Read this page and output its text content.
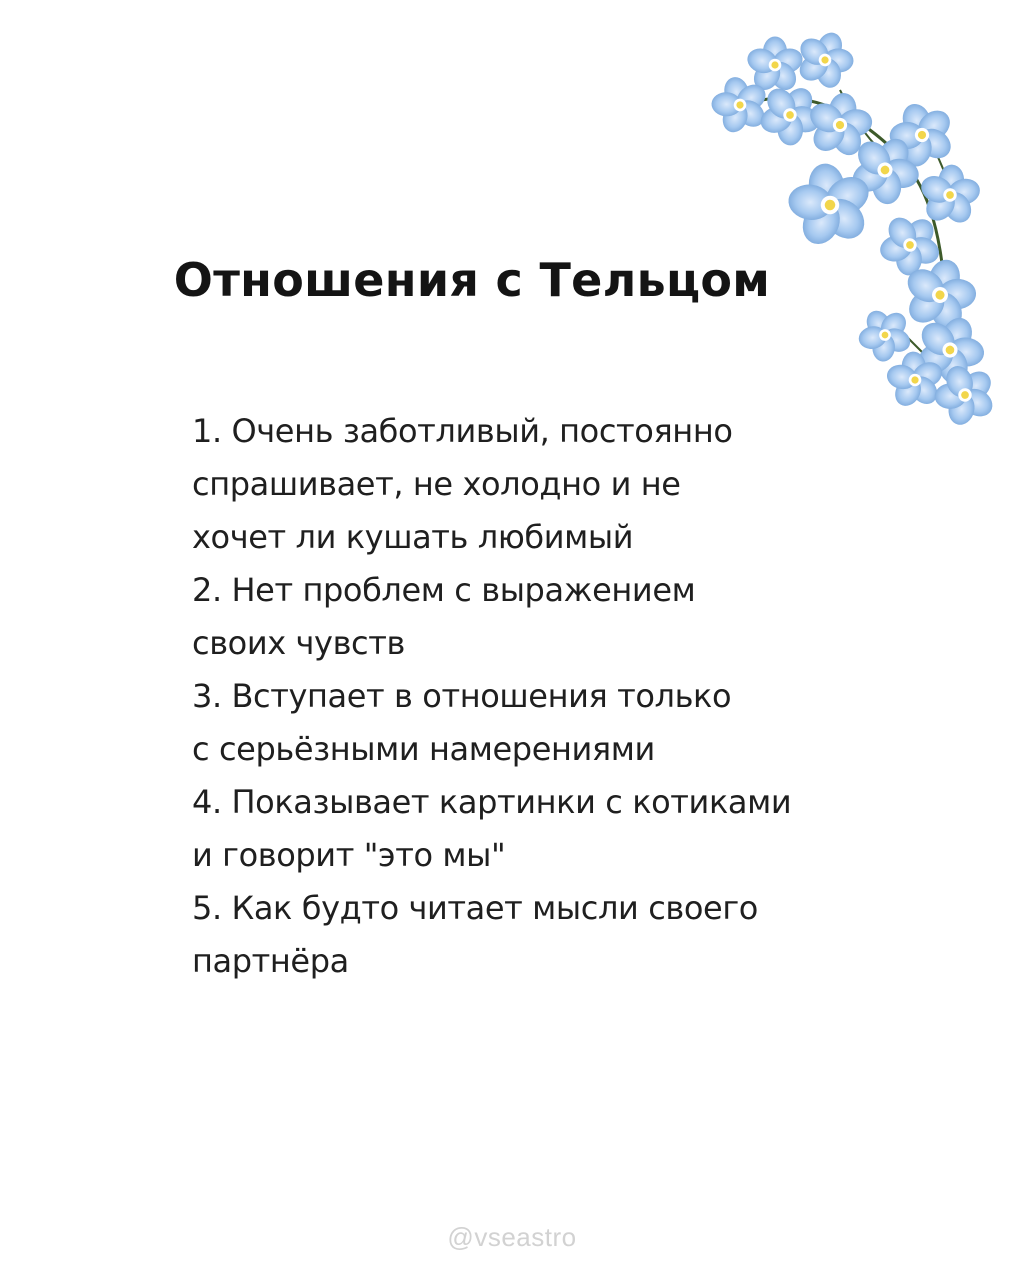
Отношения с Тельцом
1. Очень заботливый, постоянно
спрашивает, не холодно и не
хочет ли кушать любимый
2. Нет проблем с выражением
своих чувств
3. Вступает в отношения только
с серьёзными намерениями
4. Показывает картинки с котиками
и говорит "это мы"
5. Как будто читает мысли своего
партнёра
@vseastro
